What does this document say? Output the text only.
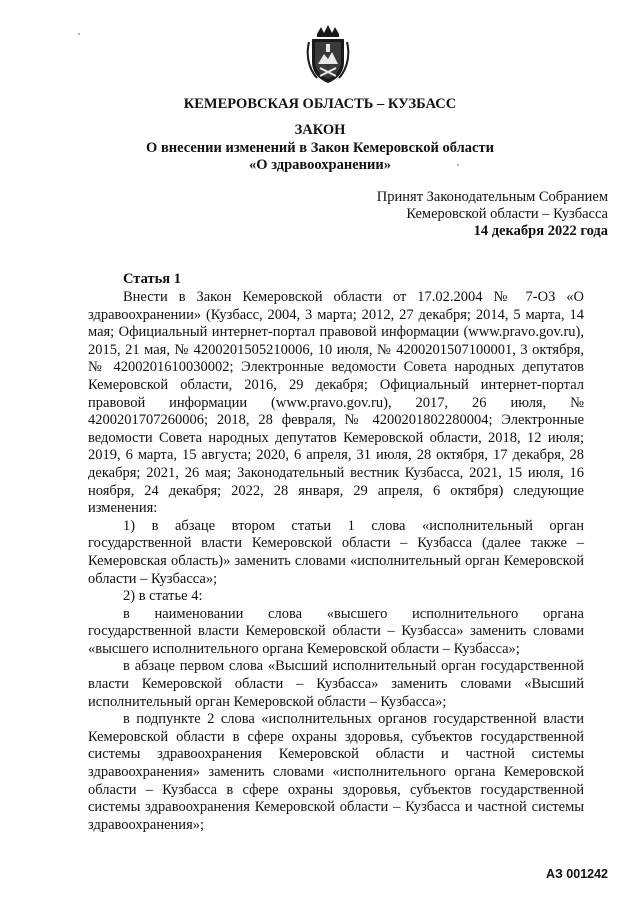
КЕМЕРОВСКАЯ ОБЛАСТЬ – КУЗБАСС
ЗАКОН
О внесении изменений в Закон Кемеровской области
«О здравоохранении»
Принят Законодательным Собранием
Кемеровской области – Кузбасса
14 декабря 2022 года
Статья 1

Внести в Закон Кемеровской области от 17.02.2004 № 7-ОЗ «О здравоохранении» (Кузбасс, 2004, 3 марта; 2012, 27 декабря; 2014, 5 марта, 14 мая; Официальный интернет-портал правовой информации (www.pravo.gov.ru), 2015, 21 мая, № 4200201505210006, 10 июля, № 4200201507100001, 3 октября, № 4200201610030002; Электронные ведомости Совета народных депутатов Кемеровской области, 2016, 29 декабря; Официальный интернет-портал правовой информации (www.pravo.gov.ru), 2017, 26 июля, № 4200201707260006; 2018, 28 февраля, № 4200201802280004; Электронные ведомости Совета народных депутатов Кемеровской области, 2018, 12 июля; 2019, 6 марта, 15 августа; 2020, 6 апреля, 31 июля, 28 октября, 17 декабря, 28 декабря; 2021, 26 мая; Законодательный вестник Кузбасса, 2021, 15 июля, 16 ноября, 24 декабря; 2022, 28 января, 29 апреля, 6 октября) следующие изменения:

1) в абзаце втором статьи 1 слова «исполнительный орган государственной власти Кемеровской области – Кузбасса (далее также – Кемеровская область)» заменить словами «исполнительный орган Кемеровской области – Кузбасса»;

2) в статье 4:

в наименовании слова «высшего исполнительного органа государственной власти Кемеровской области – Кузбасса» заменить словами «высшего исполнительного органа Кемеровской области – Кузбасса»;

в абзаце первом слова «Высший исполнительный орган государственной власти Кемеровской области – Кузбасса» заменить словами «Высший исполнительный орган Кемеровской области – Кузбасса»;

в подпункте 2 слова «исполнительных органов государственной власти Кемеровской области в сфере охраны здоровья, субъектов государственной системы здравоохранения Кемеровской области и частной системы здравоохранения» заменить словами «исполнительного органа Кемеровской области – Кузбасса в сфере охраны здоровья, субъектов государственной системы здравоохранения Кемеровской области – Кузбасса и частной системы здравоохранения»;

АЗ 001242
